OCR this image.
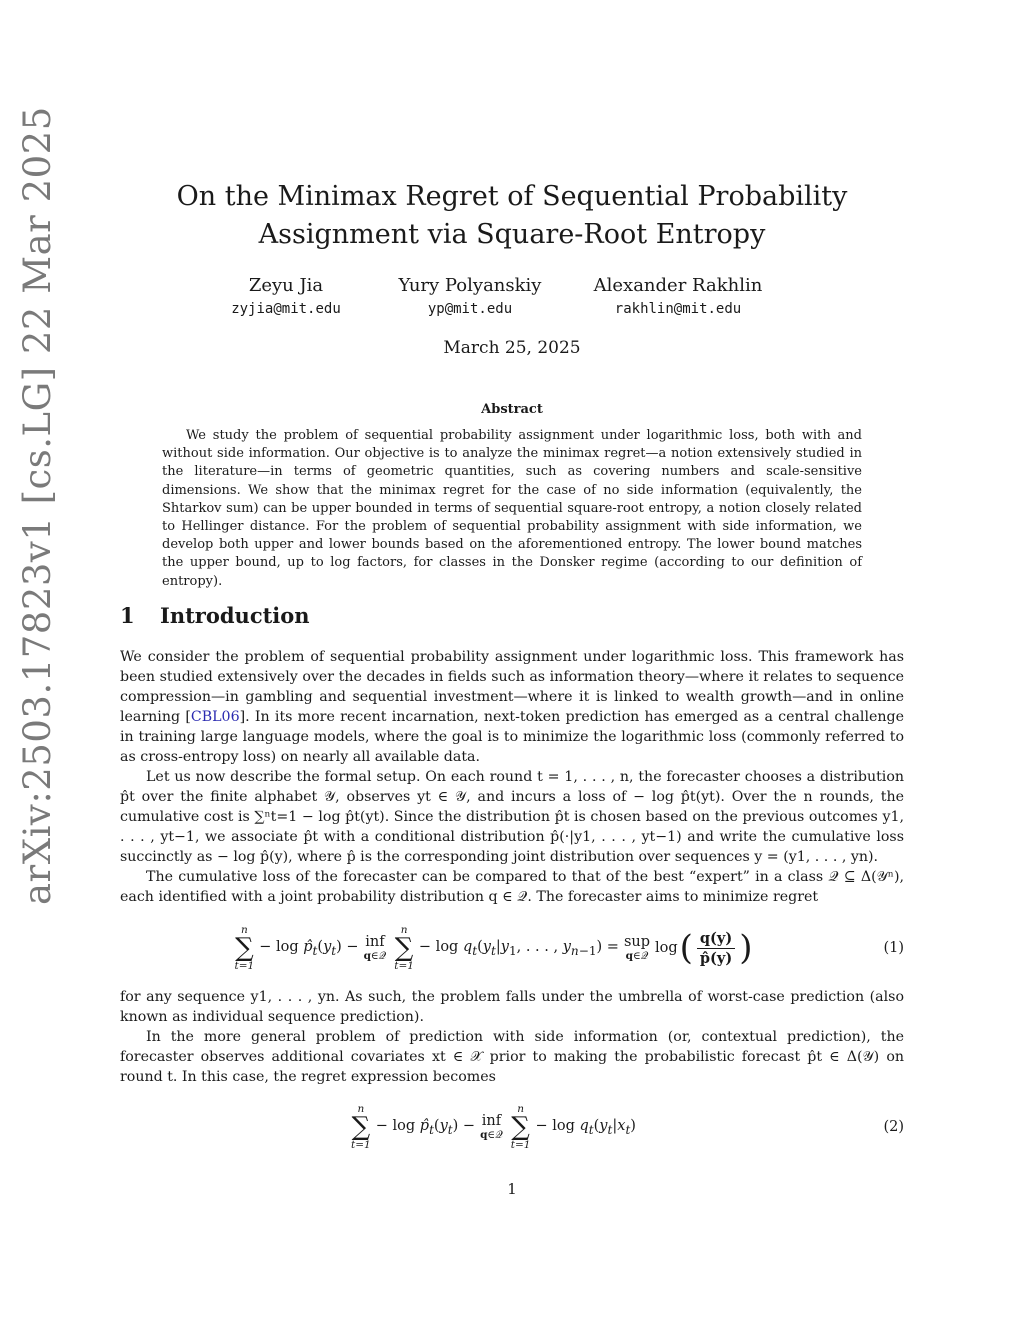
arXiv:2503.17823v1 [cs.LG] 22 Mar 2025	On the Minimax Regret of Sequential Probability Assignment via Square-Root Entropy
Zeyu Jia
zyjia@mit.edu
Yury Polyanskiy
yp@mit.edu
Alexander Rakhlin
rakhlin@mit.edu
March 25, 2025
Abstract

We study the problem of sequential probability assignment under logarithmic loss, both with and without side information. Our objective is to analyze the minimax regret—a notion extensively studied in the literature—in terms of geometric quantities, such as covering numbers and scale-sensitive dimensions. We show that the minimax regret for the case of no side information (equivalently, the Shtarkov sum) can be upper bounded in terms of sequential square-root entropy, a notion closely related to Hellinger distance. For the problem of sequential probability assignment with side information, we develop both upper and lower bounds based on the aforementioned entropy. The lower bound matches the upper bound, up to log factors, for classes in the Donsker regime (according to our definition of entropy).

1 Introduction

We consider the problem of sequential probability assignment under logarithmic loss. This framework has been studied extensively over the decades in fields such as information theory—where it relates to sequence compression—in gambling and sequential investment—where it is linked to wealth growth—and in online learning [CBL06]. In its more recent incarnation, next-token prediction has emerged as a central challenge in training large language models, where the goal is to minimize the logarithmic loss (commonly referred to as cross-entropy loss) on nearly all available data.

Let us now describe the formal setup. On each round t = 1, . . . , n, the forecaster chooses a distribution p̂t over the finite alphabet 𝒴, observes yt ∈ 𝒴, and incurs a loss of − log p̂t(yt). Over the n rounds, the cumulative cost is ∑ⁿt=1 − log p̂t(yt). Since the distribution p̂t is chosen based on the previous outcomes y1, . . . , yt−1, we associate p̂t with a conditional distribution p̂(·|y1, . . . , yt−1) and write the cumulative loss succinctly as − log p̂(y), where p̂ is the corresponding joint distribution over sequences y = (y1, . . . , yn).

The cumulative loss of the forecaster can be compared to that of the best “expert” in a class 𝒬 ⊆ Δ(𝒴ⁿ), each identified with a joint probability distribution q ∈ 𝒬. The forecaster aims to minimize regret

n
∑
t=1
− $\log p̂_t(y_t)$ − inf
q∈𝒬
n
∑
t=1
− $\log q_t(y_t|y_1$, . . . , $y_{n-1}$) = sup
q∈𝒬
log ( $\frac{q(y)}{p̂(y)}$ )	(1)

for any sequence y1, . . . , yn. As such, the problem falls under the umbrella of worst-case prediction (also known as individual sequence prediction).

In the more general problem of prediction with side information (or, contextual prediction), the forecaster observes additional covariates xt ∈ 𝒳 prior to making the probabilistic forecast p̂t ∈ Δ(𝒴) on round t. In this case, the regret expression becomes

n
∑
t=1
− $\log p̂_t(y_t)$ − inf
q∈𝒬
n
∑
t=1
− $\log q_t(y_t|x_t)$	(2)
1
